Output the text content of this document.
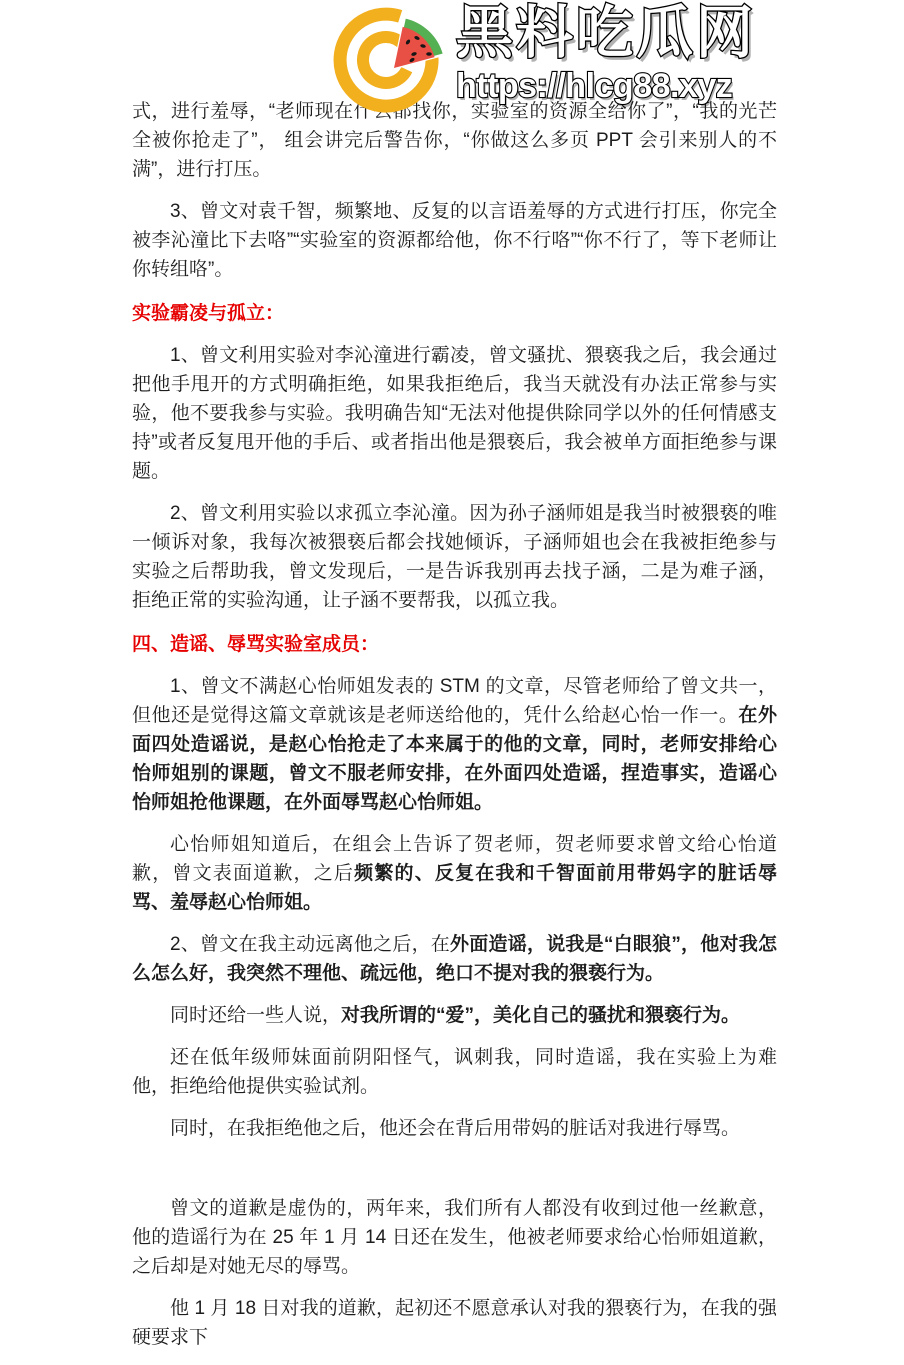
黑料吃瓜网
https://hlcg88.xyz

式，进行羞辱，“老师现在什么都找你，实验室的资源全给你了”，“我的光芒全被你抢走了”， 组会讲完后警告你，“你做这么多页 PPT 会引来别人的不满”，进行打压。

3、曾文对袁千智，频繁地、反复的以言语羞辱的方式进行打压，你完全被李沁潼比下去咯”“实验室的资源都给他，你不行咯”“你不行了，等下老师让你转组咯”。

实验霸凌与孤立：

1、曾文利用实验对李沁潼进行霸凌，曾文骚扰、猥亵我之后，我会通过把他手甩开的方式明确拒绝，如果我拒绝后，我当天就没有办法正常参与实验，他不要我参与实验。我明确告知“无法对他提供除同学以外的任何情感支持”或者反复甩开他的手后、或者指出他是猥亵后，我会被单方面拒绝参与课题。

2、曾文利用实验以求孤立李沁潼。因为孙子涵师姐是我当时被猥亵的唯一倾诉对象，我每次被猥亵后都会找她倾诉，子涵师姐也会在我被拒绝参与实验之后帮助我，曾文发现后，一是告诉我别再去找子涵，二是为难子涵，拒绝正常的实验沟通，让子涵不要帮我，以孤立我。

四、造谣、辱骂实验室成员：

1、曾文不满赵心怡师姐发表的 STM 的文章，尽管老师给了曾文共一，但他还是觉得这篇文章就该是老师送给他的，凭什么给赵心怡一作一。在外面四处造谣说，是赵心怡抢走了本来属于的他的文章，同时，老师安排给心怡师姐别的课题，曾文不服老师安排，在外面四处造谣，捏造事实，造谣心怡师姐抢他课题，在外面辱骂赵心怡师姐。

心怡师姐知道后，在组会上告诉了贺老师，贺老师要求曾文给心怡道歉，曾文表面道歉，之后频繁的、反复在我和千智面前用带妈字的脏话辱骂、羞辱赵心怡师姐。

2、曾文在我主动远离他之后，在外面造谣，说我是“白眼狼”，他对我怎么怎么好，我突然不理他、疏远他，绝口不提对我的猥亵行为。

同时还给一些人说，对我所谓的“爱”，美化自己的骚扰和猥亵行为。

还在低年级师妹面前阴阳怪气，讽刺我，同时造谣，我在实验上为难他，拒绝给他提供实验试剂。

同时，在我拒绝他之后，他还会在背后用带妈的脏话对我进行辱骂。

曾文的道歉是虚伪的，两年来，我们所有人都没有收到过他一丝歉意，他的造谣行为在 25 年 1 月 14 日还在发生，他被老师要求给心怡师姐道歉，之后却是对她无尽的辱骂。

他 1 月 18 日对我的道歉，起初还不愿意承认对我的猥亵行为，在我的强硬要求下
